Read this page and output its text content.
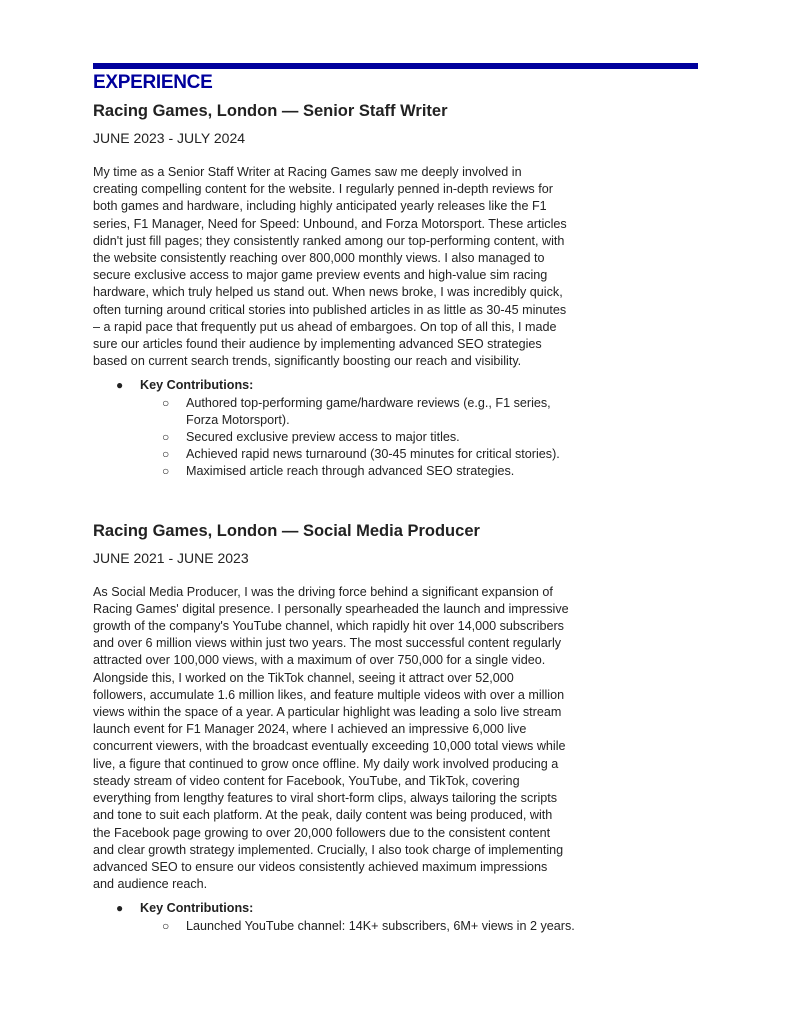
EXPERIENCE
Racing Games, London — Senior Staff Writer
JUNE 2023 - JULY 2024

My time as a Senior Staff Writer at Racing Games saw me deeply involved in

creating compelling content for the website. I regularly penned in-depth reviews for

both games and hardware, including highly anticipated yearly releases like the F1

series, F1 Manager, Need for Speed: Unbound, and Forza Motorsport. These articles

didn't just fill pages; they consistently ranked among our top-performing content, with

the website consistently reaching over 800,000 monthly views. I also managed to

secure exclusive access to major game preview events and high-value sim racing

hardware, which truly helped us stand out. When news broke, I was incredibly quick,

often turning around critical stories into published articles in as little as 30-45 minutes

– a rapid pace that frequently put us ahead of embargoes. On top of all this, I made

sure our articles found their audience by implementing advanced SEO strategies

based on current search trends, significantly boosting our reach and visibility.

● Key Contributions:
○ Authored top-performing game/hardware reviews (e.g., F1 series, Forza Motorsport).
○ Secured exclusive preview access to major titles.
○ Achieved rapid news turnaround (30-45 minutes for critical stories).
○ Maximised article reach through advanced SEO strategies.
Racing Games, London — Social Media Producer
JUNE 2021 - JUNE 2023

As Social Media Producer, I was the driving force behind a significant expansion of

Racing Games' digital presence. I personally spearheaded the launch and impressive

growth of the company's YouTube channel, which rapidly hit over 14,000 subscribers

and over 6 million views within just two years. The most successful content regularly

attracted over 100,000 views, with a maximum of over 750,000 for a single video.

Alongside this, I worked on the TikTok channel, seeing it attract over 52,000

followers, accumulate 1.6 million likes, and feature multiple videos with over a million

views within the space of a year. A particular highlight was leading a solo live stream

launch event for F1 Manager 2024, where I achieved an impressive 6,000 live

concurrent viewers, with the broadcast eventually exceeding 10,000 total views while

live, a figure that continued to grow once offline. My daily work involved producing a

steady stream of video content for Facebook, YouTube, and TikTok, covering

everything from lengthy features to viral short-form clips, always tailoring the scripts

and tone to suit each platform. At the peak, daily content was being produced, with

the Facebook page growing to over 20,000 followers due to the consistent content

and clear growth strategy implemented. Crucially, I also took charge of implementing

advanced SEO to ensure our videos consistently achieved maximum impressions

and audience reach.

● Key Contributions:
○ Launched YouTube channel: 14K+ subscribers, 6M+ views in 2 years.
